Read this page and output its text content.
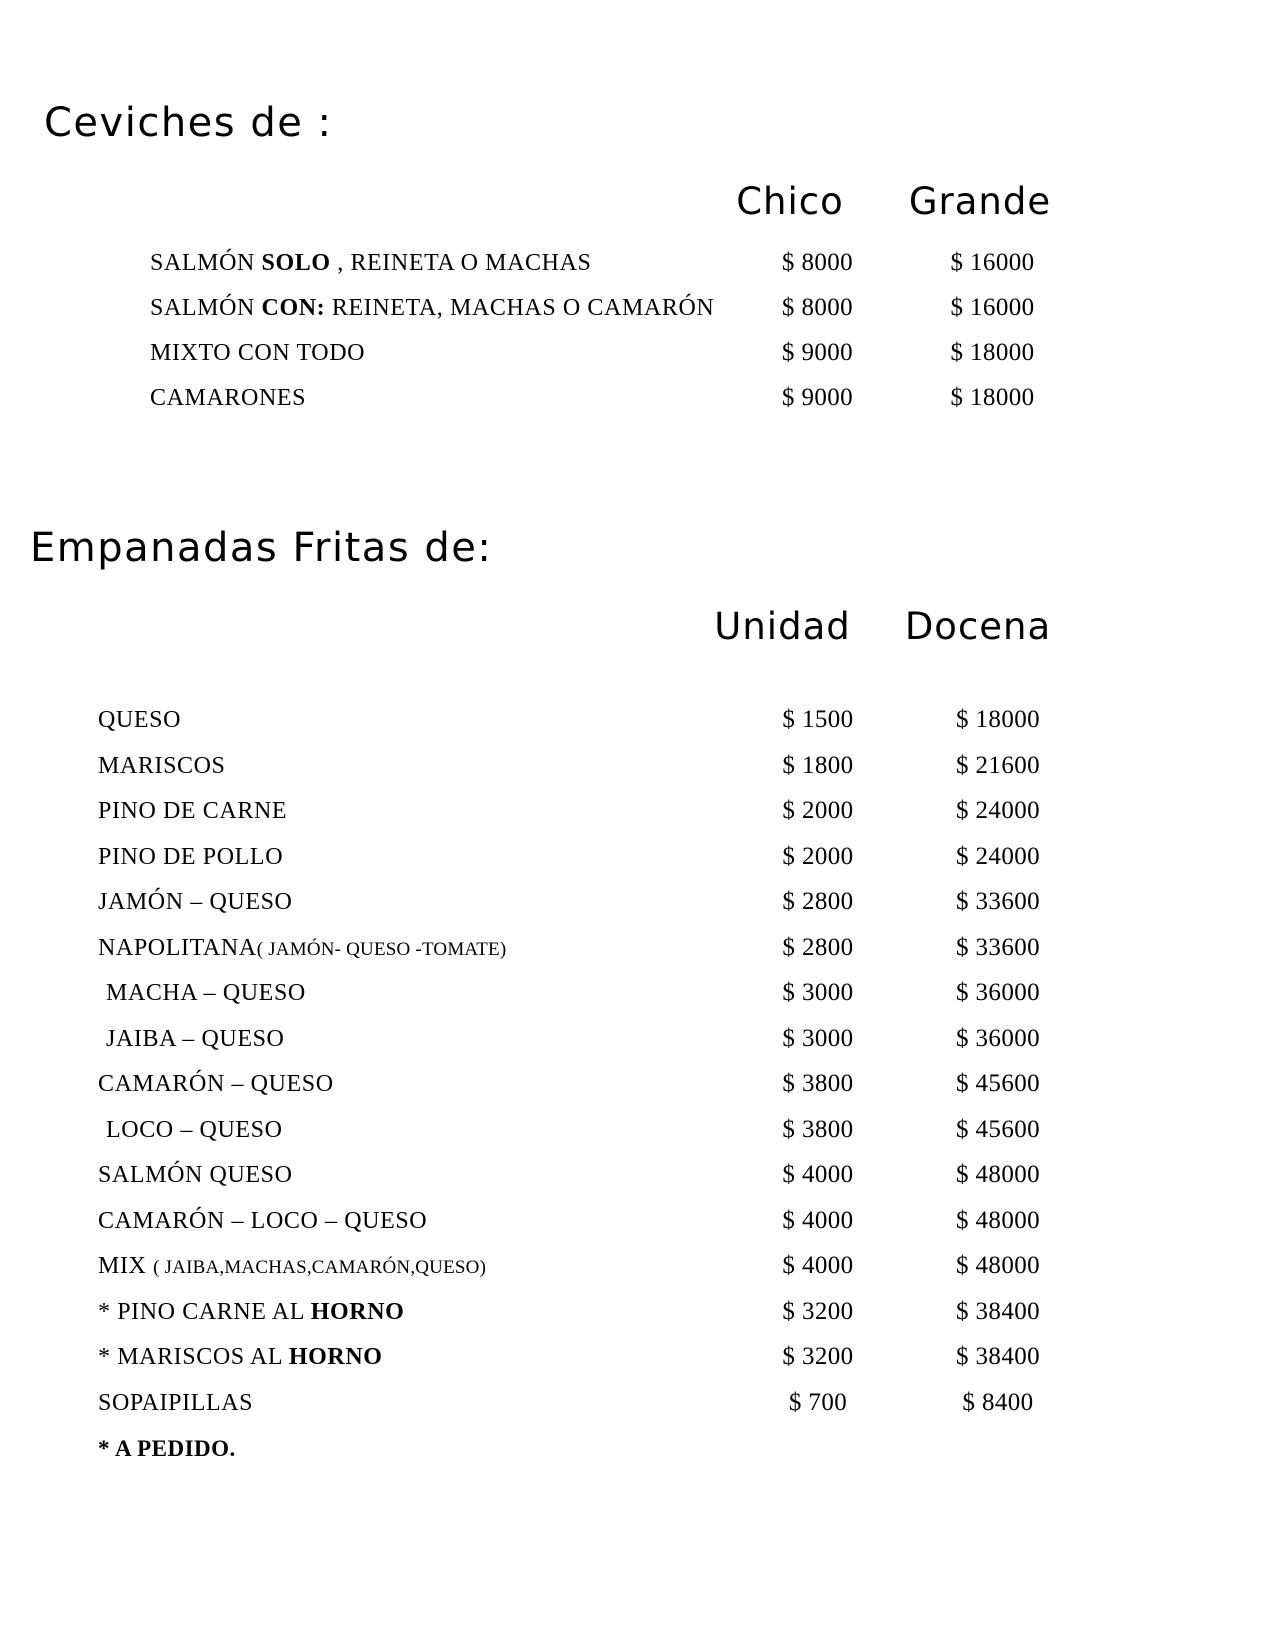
Ceviches de :
Chico	Grande
SALMÓN SOLO , REINETA O MACHAS	$ 8000	$ 16000
SALMÓN CON: REINETA, MACHAS O CAMARÓN	$ 8000	$ 16000
MIXTO CON TODO	$ 9000	$ 18000
CAMARONES	$ 9000	$ 18000
Empanadas Fritas de:
Unidad	Docena
QUESO	$ 1500	$ 18000
MARISCOS	$ 1800	$ 21600
PINO DE CARNE	$ 2000	$ 24000
PINO DE POLLO	$ 2000	$ 24000
JAMÓN – QUESO	$ 2800	$ 33600
NAPOLITANA( JAMÓN- QUESO -TOMATE)	$ 2800	$ 33600
MACHA – QUESO	$ 3000	$ 36000
JAIBA – QUESO	$ 3000	$ 36000
CAMARÓN – QUESO	$ 3800	$ 45600
LOCO – QUESO	$ 3800	$ 45600
SALMÓN QUESO	$ 4000	$ 48000
CAMARÓN – LOCO – QUESO	$ 4000	$ 48000
MIX ( JAIBA,MACHAS,CAMARÓN,QUESO)	$ 4000	$ 48000
* PINO CARNE AL HORNO	$ 3200	$ 38400
* MARISCOS AL HORNO	$ 3200	$ 38400
SOPAIPILLAS	$ 700	$ 8400
* A PEDIDO.
